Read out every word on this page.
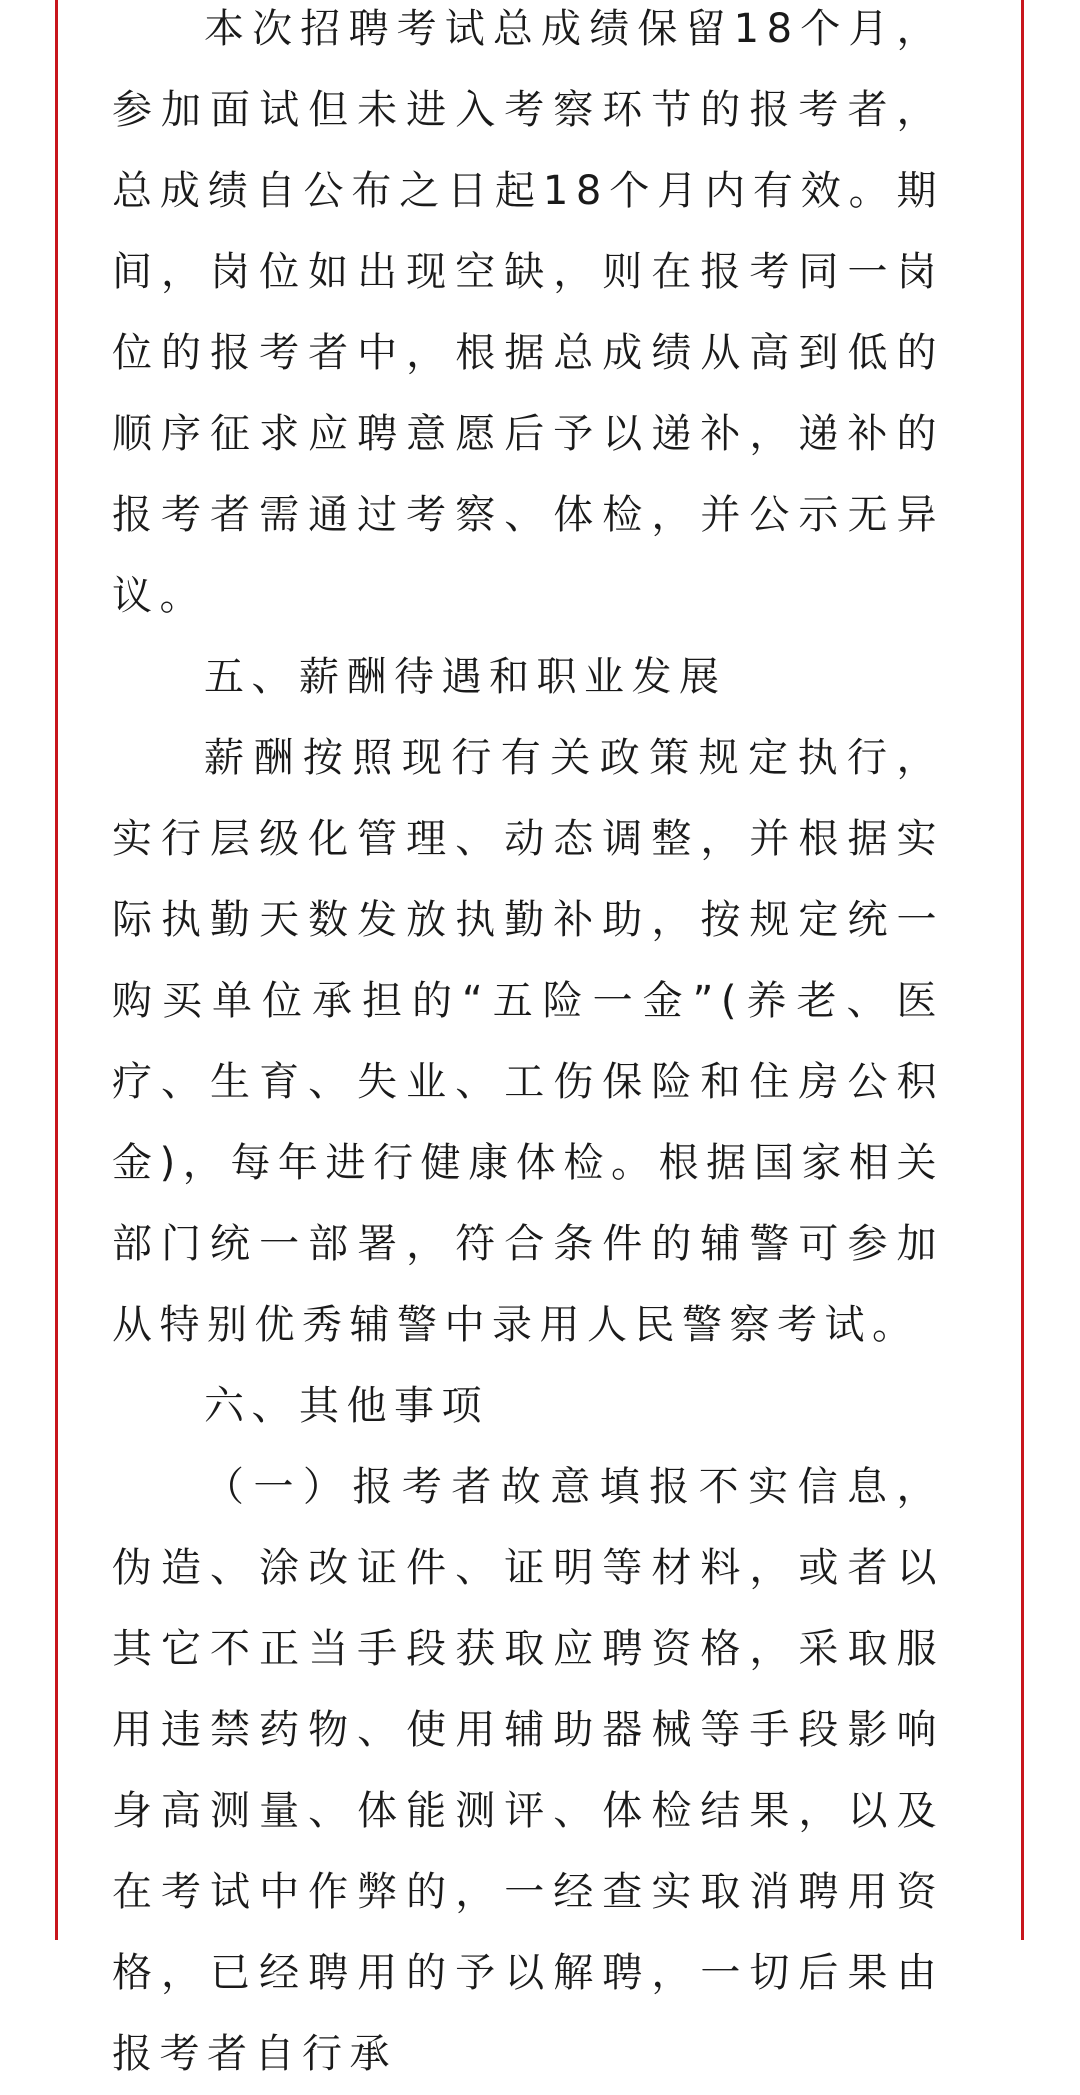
本次招聘考试总成绩保留18个月，参加面试但未进入考察环节的报考者，总成绩自公布之日起18个月内有效。期间，岗位如出现空缺，则在报考同一岗位的报考者中，根据总成绩从高到低的顺序征求应聘意愿后予以递补，递补的报考者需通过考察、体检，并公示无异议。

五、薪酬待遇和职业发展

薪酬按照现行有关政策规定执行，实行层级化管理、动态调整，并根据实际执勤天数发放执勤补助，按规定统一购买单位承担的“五险一金”(养老、医疗、生育、失业、工伤保险和住房公积金)，每年进行健康体检。根据国家相关部门统一部署，符合条件的辅警可参加从特别优秀辅警中录用人民警察考试。

六、其他事项

（一）报考者故意填报不实信息，伪造、涂改证件、证明等材料，或者以其它不正当手段获取应聘资格，采取服用违禁药物、使用辅助器械等手段影响身高测量、体能测评、体检结果，以及在考试中作弊的，一经查实取消聘用资格，已经聘用的予以解聘，一切后果由报考者自行承
